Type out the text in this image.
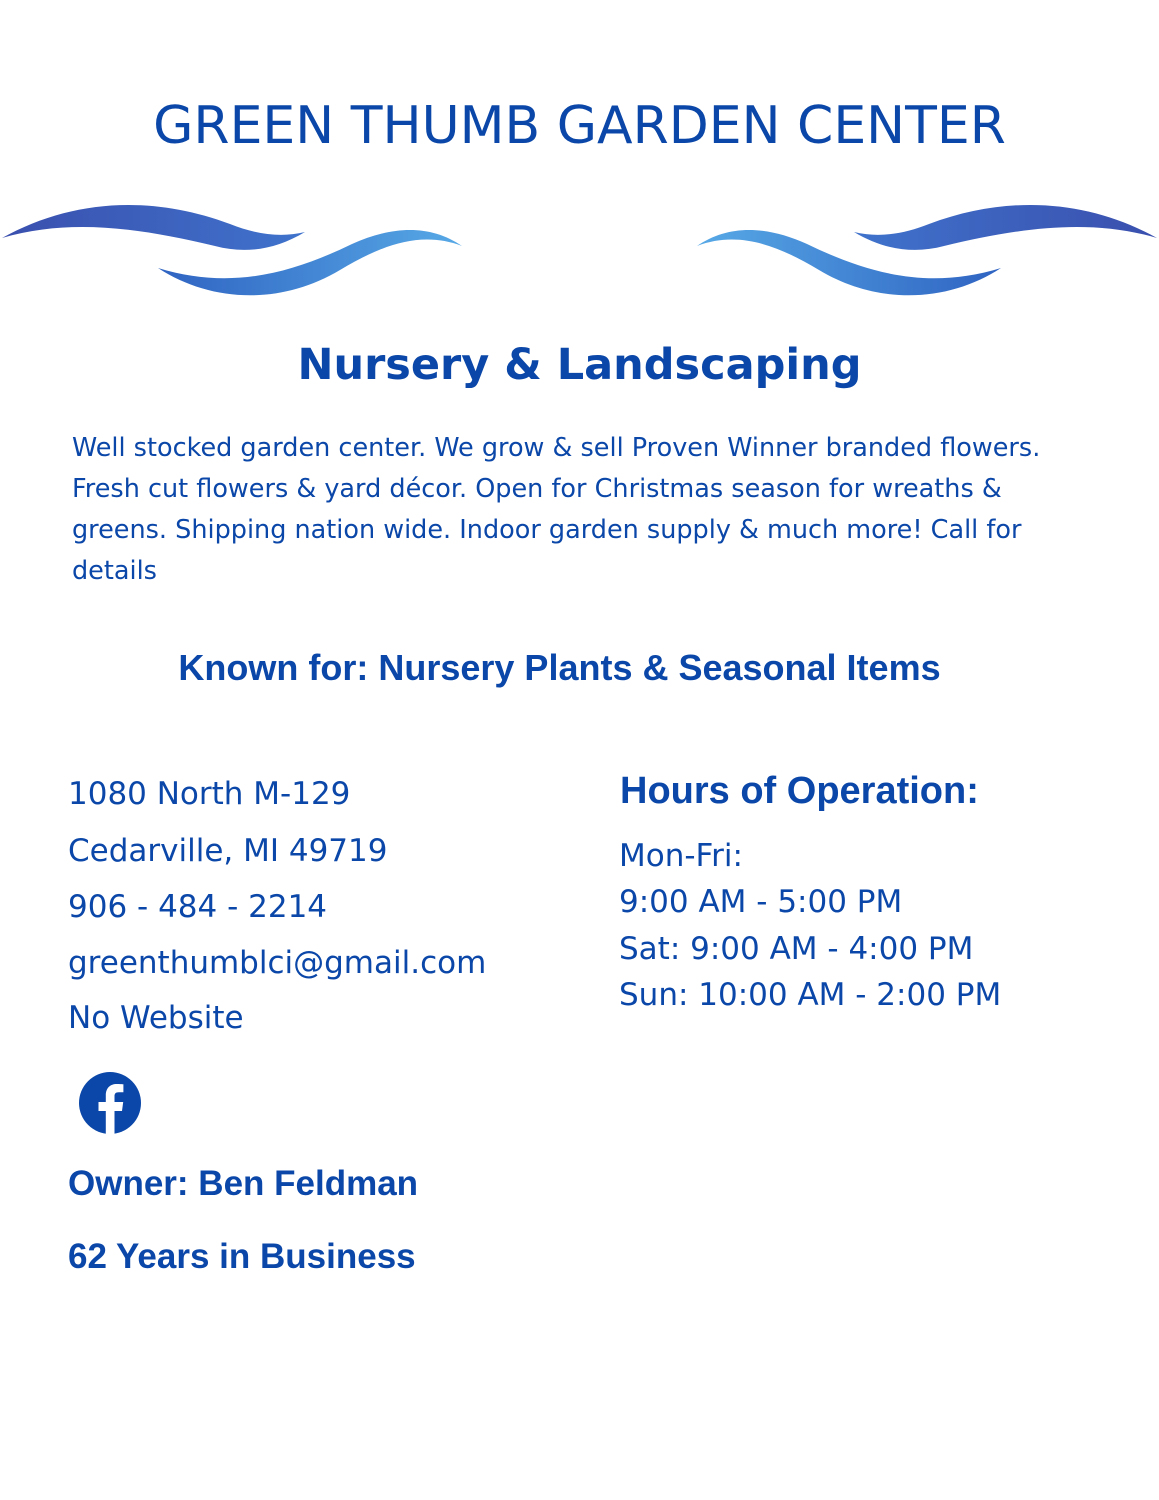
GREEN THUMB GARDEN CENTER
Nursery & Landscaping

Well stocked garden center. We grow & sell Proven Winner branded flowers. Fresh cut flowers & yard décor. Open for Christmas season for wreaths & greens. Shipping nation wide. Indoor garden supply & much more! Call for details

Known for: Nursery Plants & Seasonal Items
1080 North M-129
Cedarville, MI 49719
906 - 484 - 2214
greenthumblci@gmail.com
No Website
Hours of Operation:
Mon-Fri:
9:00 AM - 5:00 PM
Sat: 9:00 AM - 4:00 PM
Sun: 10:00 AM - 2:00 PM
Owner: Ben Feldman
62 Years in Business
